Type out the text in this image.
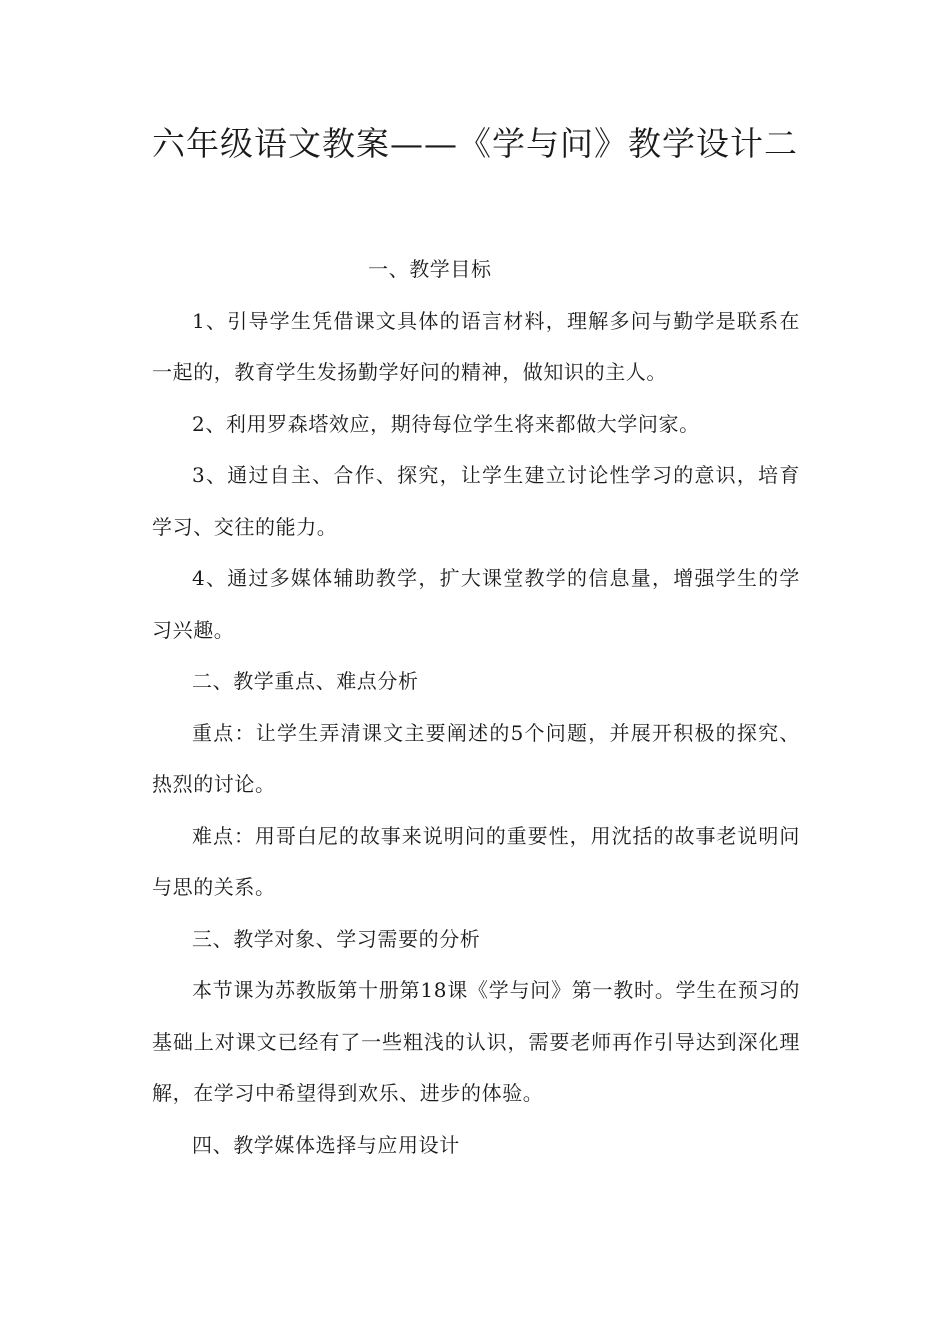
六年级语文教案——《学与问》教学设计二

一、教学目标

1、引导学生凭借课文具体的语言材料，理解多问与勤学是联系在一起的，教育学生发扬勤学好问的精神，做知识的主人。

2、利用罗森塔效应，期待每位学生将来都做大学问家。

3、通过自主、合作、探究，让学生建立讨论性学习的意识，培育学习、交往的能力。

4、通过多媒体辅助教学，扩大课堂教学的信息量，增强学生的学习兴趣。

二、教学重点、难点分析

重点：让学生弄清课文主要阐述的5个问题，并展开积极的探究、热烈的讨论。

难点：用哥白尼的故事来说明问的重要性，用沈括的故事老说明问与思的关系。

三、教学对象、学习需要的分析

本节课为苏教版第十册第18课《学与问》第一教时。学生在预习的基础上对课文已经有了一些粗浅的认识，需要老师再作引导达到深化理解，在学习中希望得到欢乐、进步的体验。

四、教学媒体选择与应用设计
